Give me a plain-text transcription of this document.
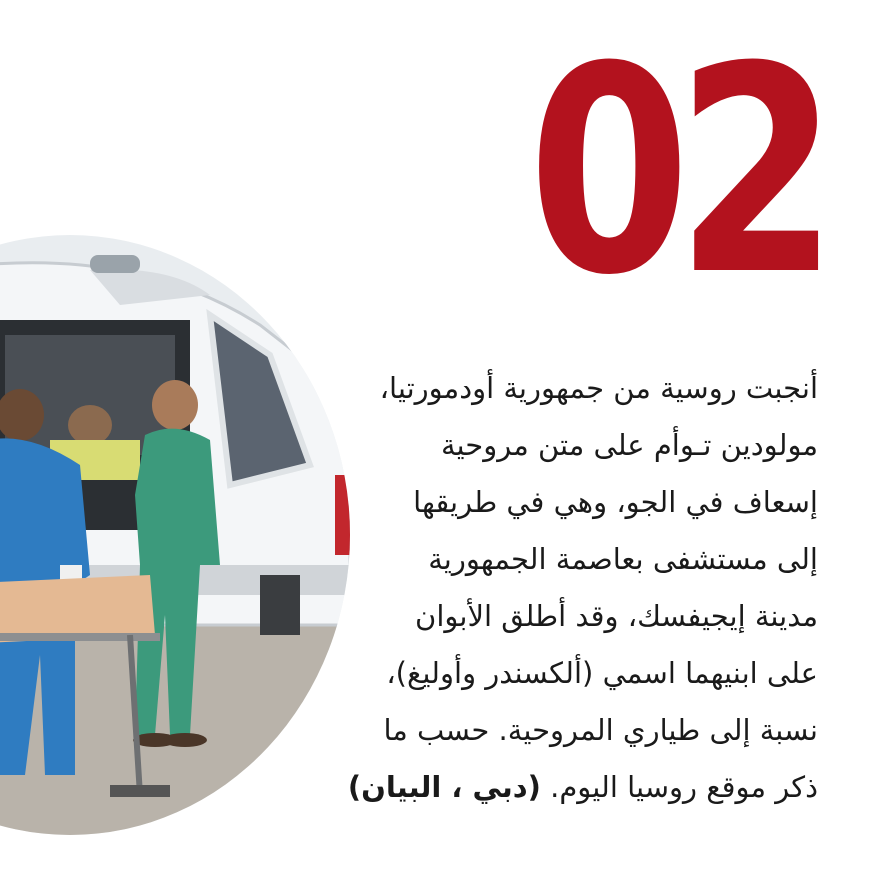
02
أنجبت روسية من جمهورية أودمورتيا،
مولودين تـوأم على متن مروحية
إسعاف في الجو، وهي في طريقها
إلى مستشفى بعاصمة الجمهورية
مدينة إيجيفسك، وقد أطلق الأبوان
على ابنيهما اسمي (ألكسندر وأوليغ)،
نسبة إلى طياري المروحية. حسب ما
ذكر موقع روسيا اليوم. (دبي ، البيان)
